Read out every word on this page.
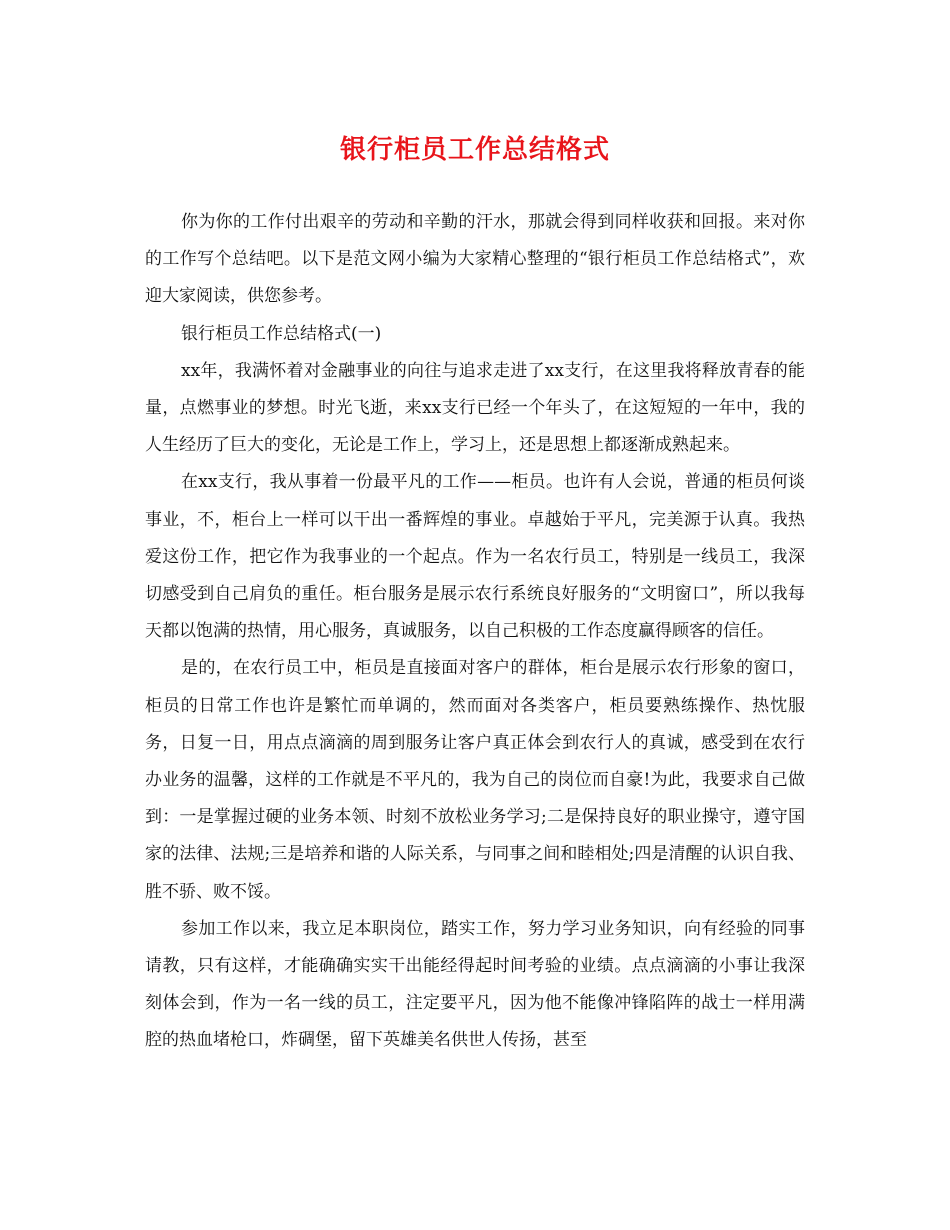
银行柜员工作总结格式

你为你的工作付出艰辛的劳动和辛勤的汗水，那就会得到同样收获和回报。来对你的工作写个总结吧。以下是范文网小编为大家精心整理的“银行柜员工作总结格式”，欢迎大家阅读，供您参考。

银行柜员工作总结格式(一)

xx年，我满怀着对金融事业的向往与追求走进了xx支行，在这里我将释放青春的能量，点燃事业的梦想。时光飞逝，来xx支行已经一个年头了，在这短短的一年中，我的人生经历了巨大的变化，无论是工作上，学习上，还是思想上都逐渐成熟起来。

在xx支行，我从事着一份最平凡的工作——柜员。也许有人会说，普通的柜员何谈事业，不，柜台上一样可以干出一番辉煌的事业。卓越始于平凡，完美源于认真。我热爱这份工作，把它作为我事业的一个起点。作为一名农行员工，特别是一线员工，我深切感受到自己肩负的重任。柜台服务是展示农行系统良好服务的“文明窗口”，所以我每天都以饱满的热情，用心服务，真诚服务，以自己积极的工作态度赢得顾客的信任。

是的，在农行员工中，柜员是直接面对客户的群体，柜台是展示农行形象的窗口，柜员的日常工作也许是繁忙而单调的，然而面对各类客户，柜员要熟练操作、热忱服务，日复一日，用点点滴滴的周到服务让客户真正体会到农行人的真诚，感受到在农行办业务的温馨，这样的工作就是不平凡的，我为自己的岗位而自豪!为此，我要求自己做到：一是掌握过硬的业务本领、时刻不放松业务学习;二是保持良好的职业操守，遵守国家的法律、法规;三是培养和谐的人际关系，与同事之间和睦相处;四是清醒的认识自我、胜不骄、败不馁。

参加工作以来，我立足本职岗位，踏实工作，努力学习业务知识，向有经验的同事请教，只有这样，才能确确实实干出能经得起时间考验的业绩。点点滴滴的小事让我深刻体会到，作为一名一线的员工，注定要平凡，因为他不能像冲锋陷阵的战士一样用满腔的热血堵枪口，炸碉堡，留下英雄美名供世人传扬，甚至
